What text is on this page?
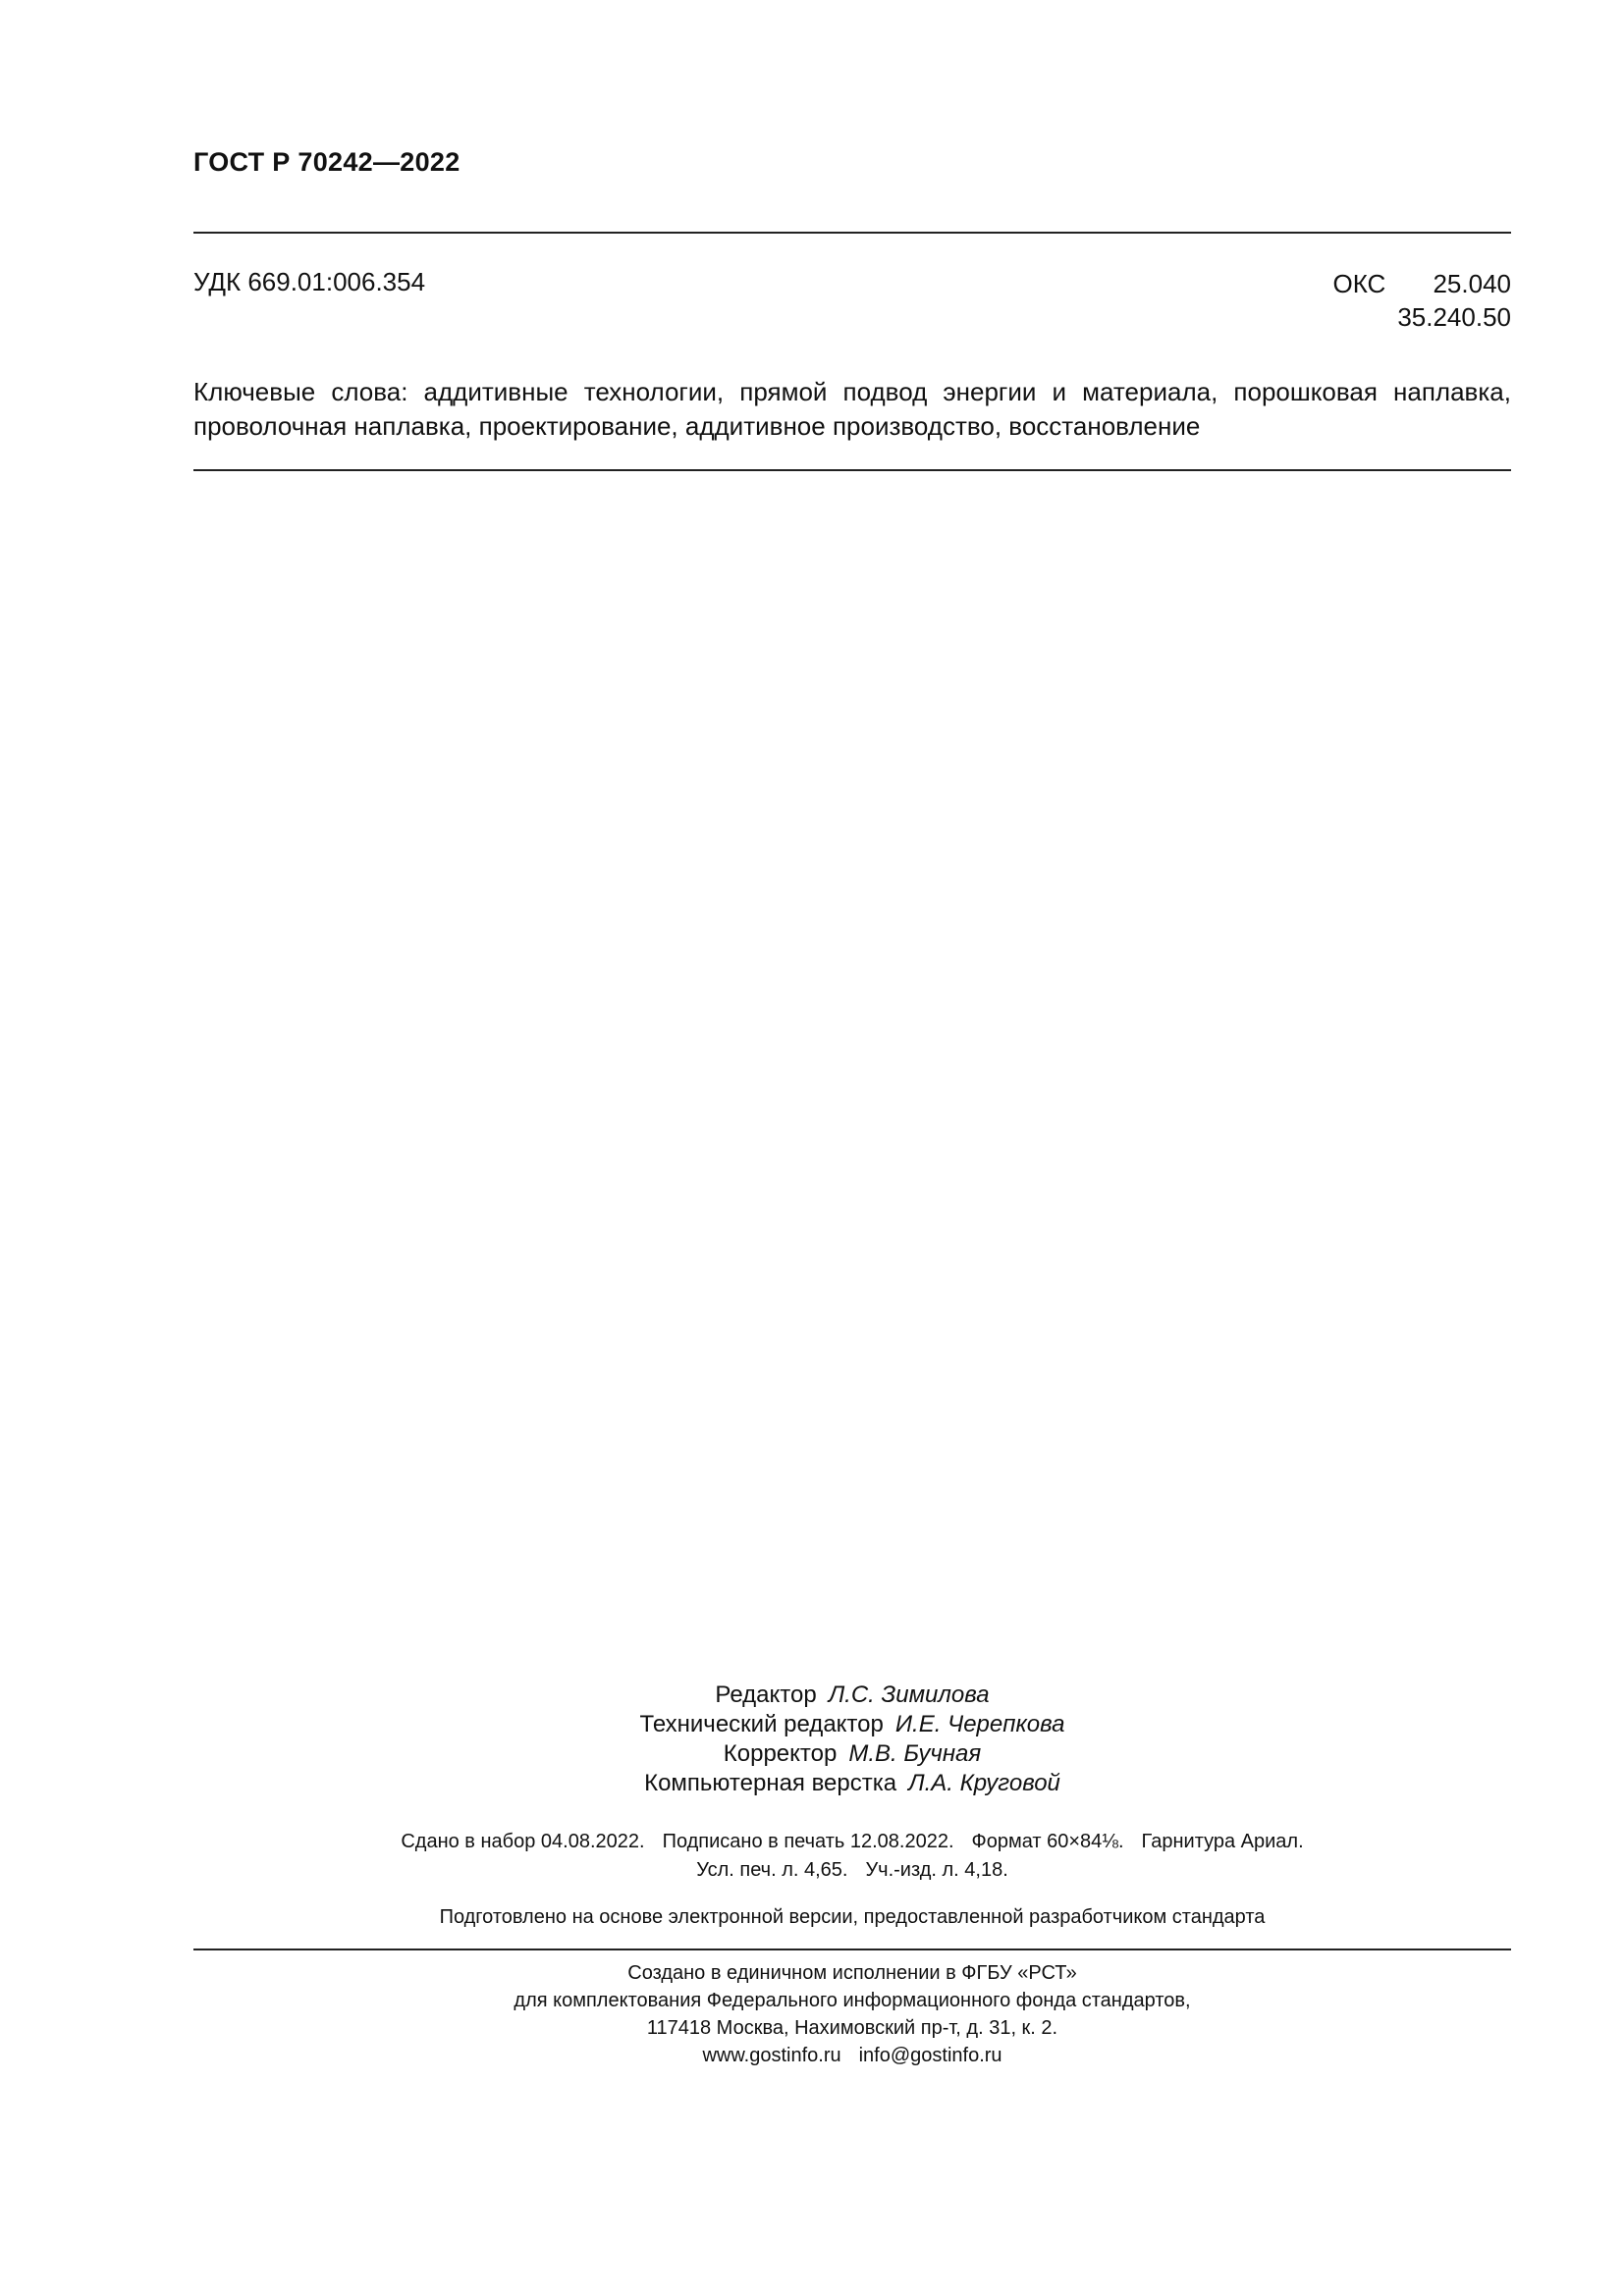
ГОСТ Р 70242—2022
УДК 669.01:006.354	ОКС	25.040
35.240.50
Ключевые слова: аддитивные технологии, прямой подвод энергии и материала, порошковая наплавка, проволочная наплавка, проектирование, аддитивное производство, восстановление
Редактор Л.С. Зимилова
Технический редактор И.Е. Черепкова
Корректор М.В. Бучная
Компьютерная верстка Л.А. Круговой
Сдано в набор 04.08.2022. Подписано в печать 12.08.2022. Формат 60×84⅛. Гарнитура Ариал.
Усл. печ. л. 4,65. Уч.-изд. л. 4,18.
Подготовлено на основе электронной версии, предоставленной разработчиком стандарта
Создано в единичном исполнении в ФГБУ «РСТ»
для комплектования Федерального информационного фонда стандартов,
117418 Москва, Нахимовский пр-т, д. 31, к. 2.
www.gostinfo.ru info@gostinfo.ru
